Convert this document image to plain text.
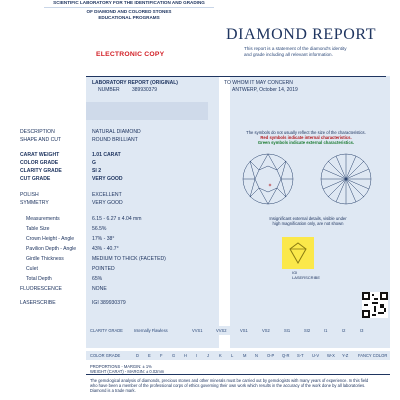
SCIENTIFIC LABORATORY FOR THE IDENTIFICATION AND GRADING
OF DIAMOND AND COLORED STONES
EDUCATIONAL PROGRAMS
ELECTRONIC COPY
DIAMOND REPORT
This report is a statement of the diamond's identity
and grade including all relevant information.
LABORATORY REPORT (ORIGINAL)
NUMBER 389930379
TO WHOM IT MAY CONCERN
ANTWERP, October 14, 2019
DESCRIPTION	NATURAL DIAMOND
SHAPE AND CUT	ROUND BRILLIANT
CARAT WEIGHT	1.01 CARAT
COLOR GRADE	G
CLARITY GRADE	SI 2
CUT GRADE	VERY GOOD
POLISH	EXCELLENT
SYMMETRY	VERY GOOD
Measurements	6.15 - 6.27 x 4.04 mm
Table Size	56.5%
Crown Height - Angle	17% - 38°
Pavilion Depth - Angle	43% - 40.7°
Girdle Thickness	MEDIUM TO THICK (FACETED)
Culet	POINTED
Total Depth	65%
FLUORESCENCE	NONE
LASERSCRIBE	IGI 389930379
The symbols do not usually reflect the size of the characteristics.
Red symbols indicate internal characteristics.
Green symbols indicate external characteristics.
Insignificant external details, visible under
high magnification only, are not shown
IGI
LASERSCRIBE
CLARITY GRADE	Internally Flawless	VVS1	VVS2	VS1	VS2	SI1	SI2	I1	I2	I3
COLOR GRADE	D E F G H I J K L M N O-P Q-R S-T U-V W-X Y-Z FANCY COLOR
PROPORTIONS - MARGIN: ± 1%
WEIGHT (CARAT) - MARGIN: ± 0.02mm
The gemological analysis of diamonds, precious stones and other minerals must be carried out by gemologists with many years of experience. In this field
who have been a member of the professional corps of ethics governing their own work which results in the accuracy of the work done by all laboratories.
Diamond is a trade mark.
